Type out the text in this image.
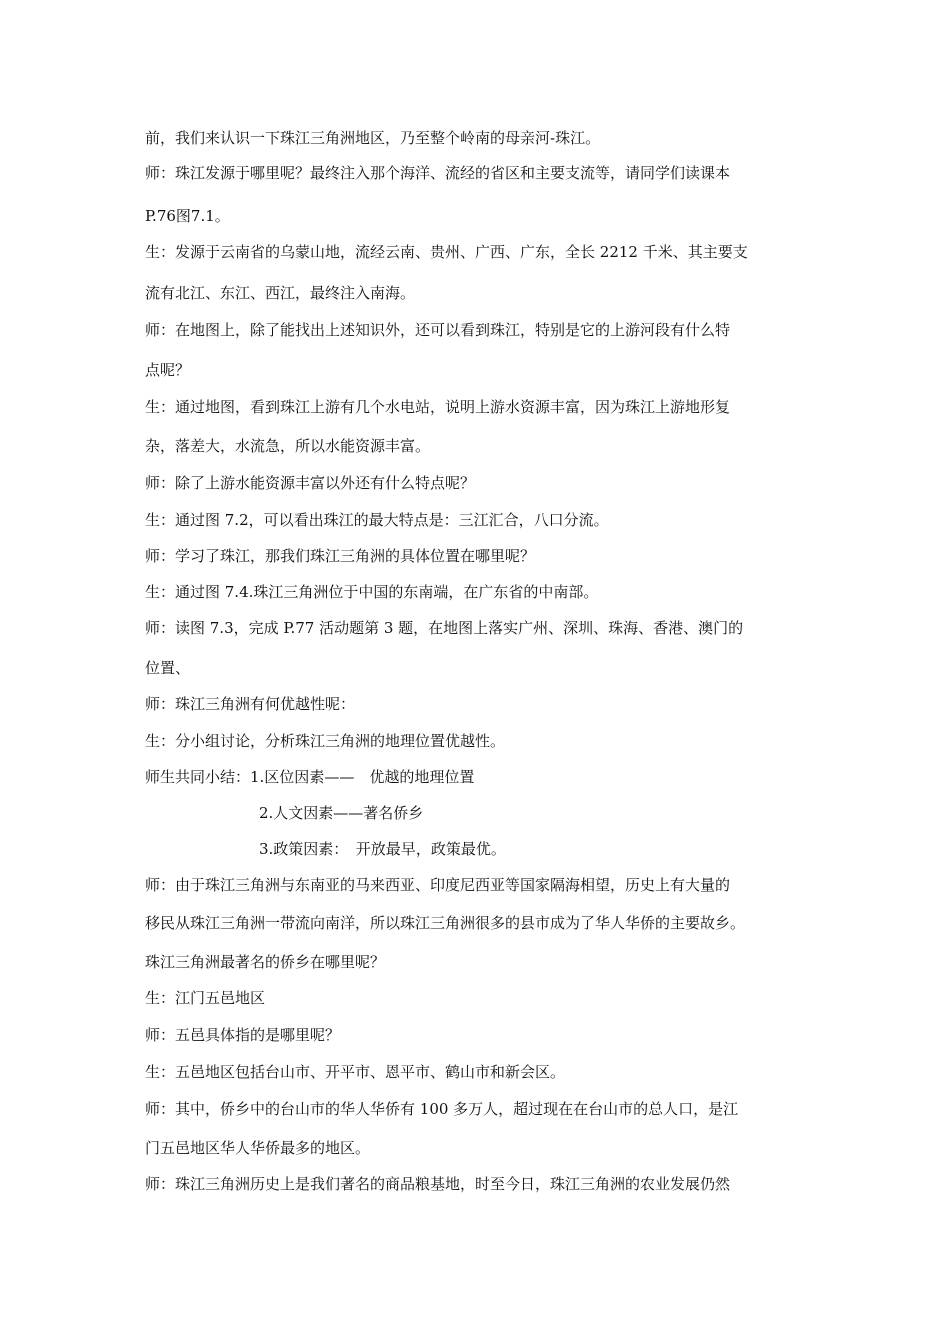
前，我们来认识一下珠江三角洲地区，乃至整个岭南的母亲河-珠江。
师：珠江发源于哪里呢？最终注入那个海洋、流经的省区和主要支流等，请同学们读课本
P.76图7.1。
生：发源于云南省的乌蒙山地，流经云南、贵州、广西、广东，全长 2212 千米、其主要支
流有北江、东江、西江，最终注入南海。
师：在地图上，除了能找出上述知识外，还可以看到珠江，特别是它的上游河段有什么特
点呢？
生：通过地图，看到珠江上游有几个水电站，说明上游水资源丰富，因为珠江上游地形复
杂，落差大，水流急，所以水能资源丰富。
师：除了上游水能资源丰富以外还有什么特点呢？
生：通过图 7.2，可以看出珠江的最大特点是：三江汇合，八口分流。
师：学习了珠江，那我们珠江三角洲的具体位置在哪里呢？
生：通过图 7.4.珠江三角洲位于中国的东南端，在广东省的中南部。
师：读图 7.3，完成 P.77 活动题第 3 题，在地图上落实广州、深圳、珠海、香港、澳门的
位置、
师：珠江三角洲有何优越性呢：
生：分小组讨论，分析珠江三角洲的地理位置优越性。
师生共同小结：1.区位因素——　优越的地理位置
2.人文因素——著名侨乡
3.政策因素：　开放最早，政策最优。
师：由于珠江三角洲与东南亚的马来西亚、印度尼西亚等国家隔海相望，历史上有大量的
移民从珠江三角洲一带流向南洋，所以珠江三角洲很多的县市成为了华人华侨的主要故乡。
珠江三角洲最著名的侨乡在哪里呢？
生：江门五邑地区
师：五邑具体指的是哪里呢？
生：五邑地区包括台山市、开平市、恩平市、鹤山市和新会区。
师：其中，侨乡中的台山市的华人华侨有 100 多万人，超过现在在台山市的总人口，是江
门五邑地区华人华侨最多的地区。
师：珠江三角洲历史上是我们著名的商品粮基地，时至今日，珠江三角洲的农业发展仍然
